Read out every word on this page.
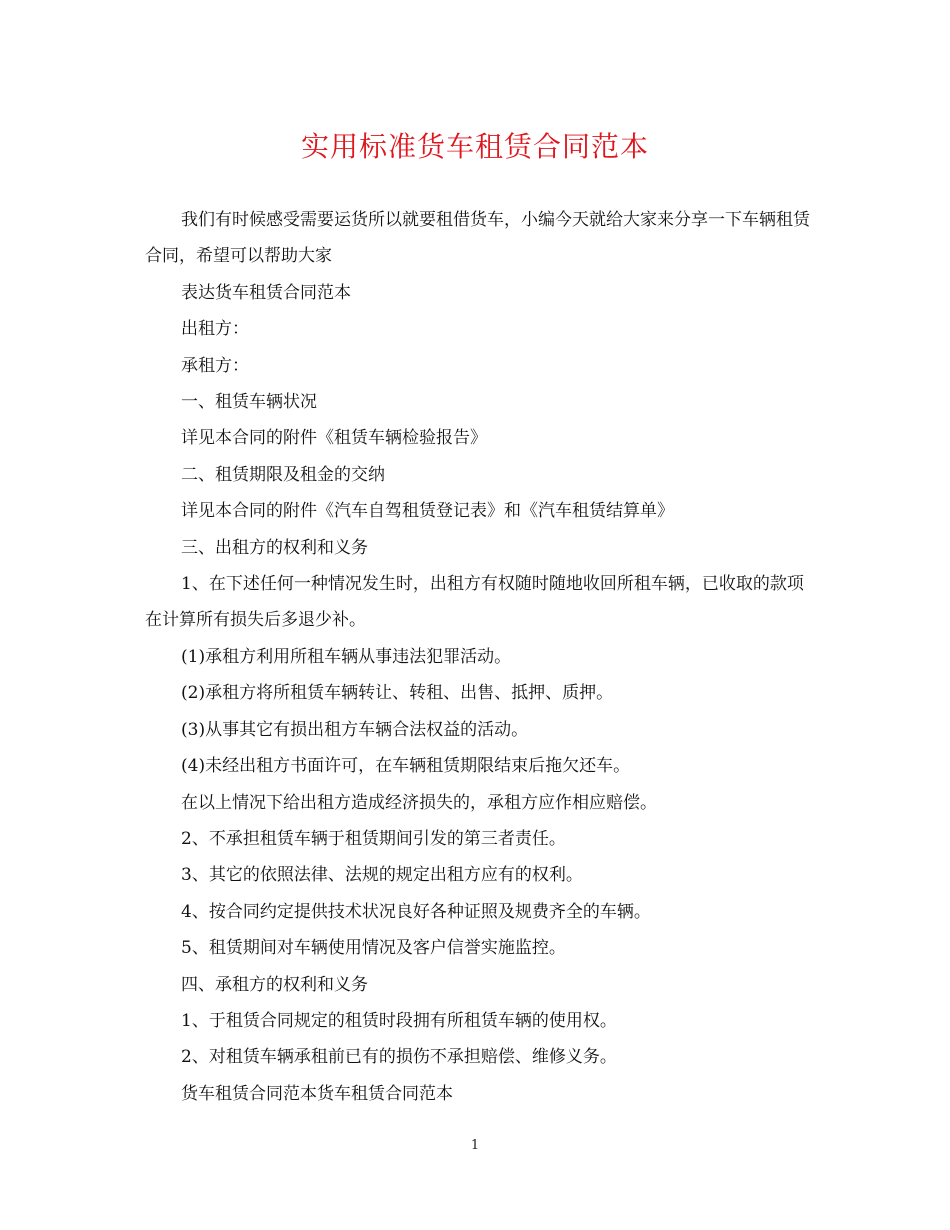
实用标准货车租赁合同范本

我们有时候感受需要运货所以就要租借货车，小编今天就给大家来分享一下车辆租赁合同，希望可以帮助大家

表达货车租赁合同范本

出租方：

承租方：

一、租赁车辆状况

详见本合同的附件《租赁车辆检验报告》

二、租赁期限及租金的交纳

详见本合同的附件《汽车自驾租赁登记表》和《汽车租赁结算单》

三、出租方的权利和义务

1、在下述任何一种情况发生时，出租方有权随时随地收回所租车辆，已收取的款项在计算所有损失后多退少补。

(1)承租方利用所租车辆从事违法犯罪活动。

(2)承租方将所租赁车辆转让、转租、出售、抵押、质押。

(3)从事其它有损出租方车辆合法权益的活动。

(4)未经出租方书面许可，在车辆租赁期限结束后拖欠还车。

在以上情况下给出租方造成经济损失的，承租方应作相应赔偿。

2、不承担租赁车辆于租赁期间引发的第三者责任。

3、其它的依照法律、法规的规定出租方应有的权利。

4、按合同约定提供技术状况良好各种证照及规费齐全的车辆。

5、租赁期间对车辆使用情况及客户信誉实施监控。

四、承租方的权利和义务

1、于租赁合同规定的租赁时段拥有所租赁车辆的使用权。

2、对租赁车辆承租前已有的损伤不承担赔偿、维修义务。

货车租赁合同范本货车租赁合同范本

1
